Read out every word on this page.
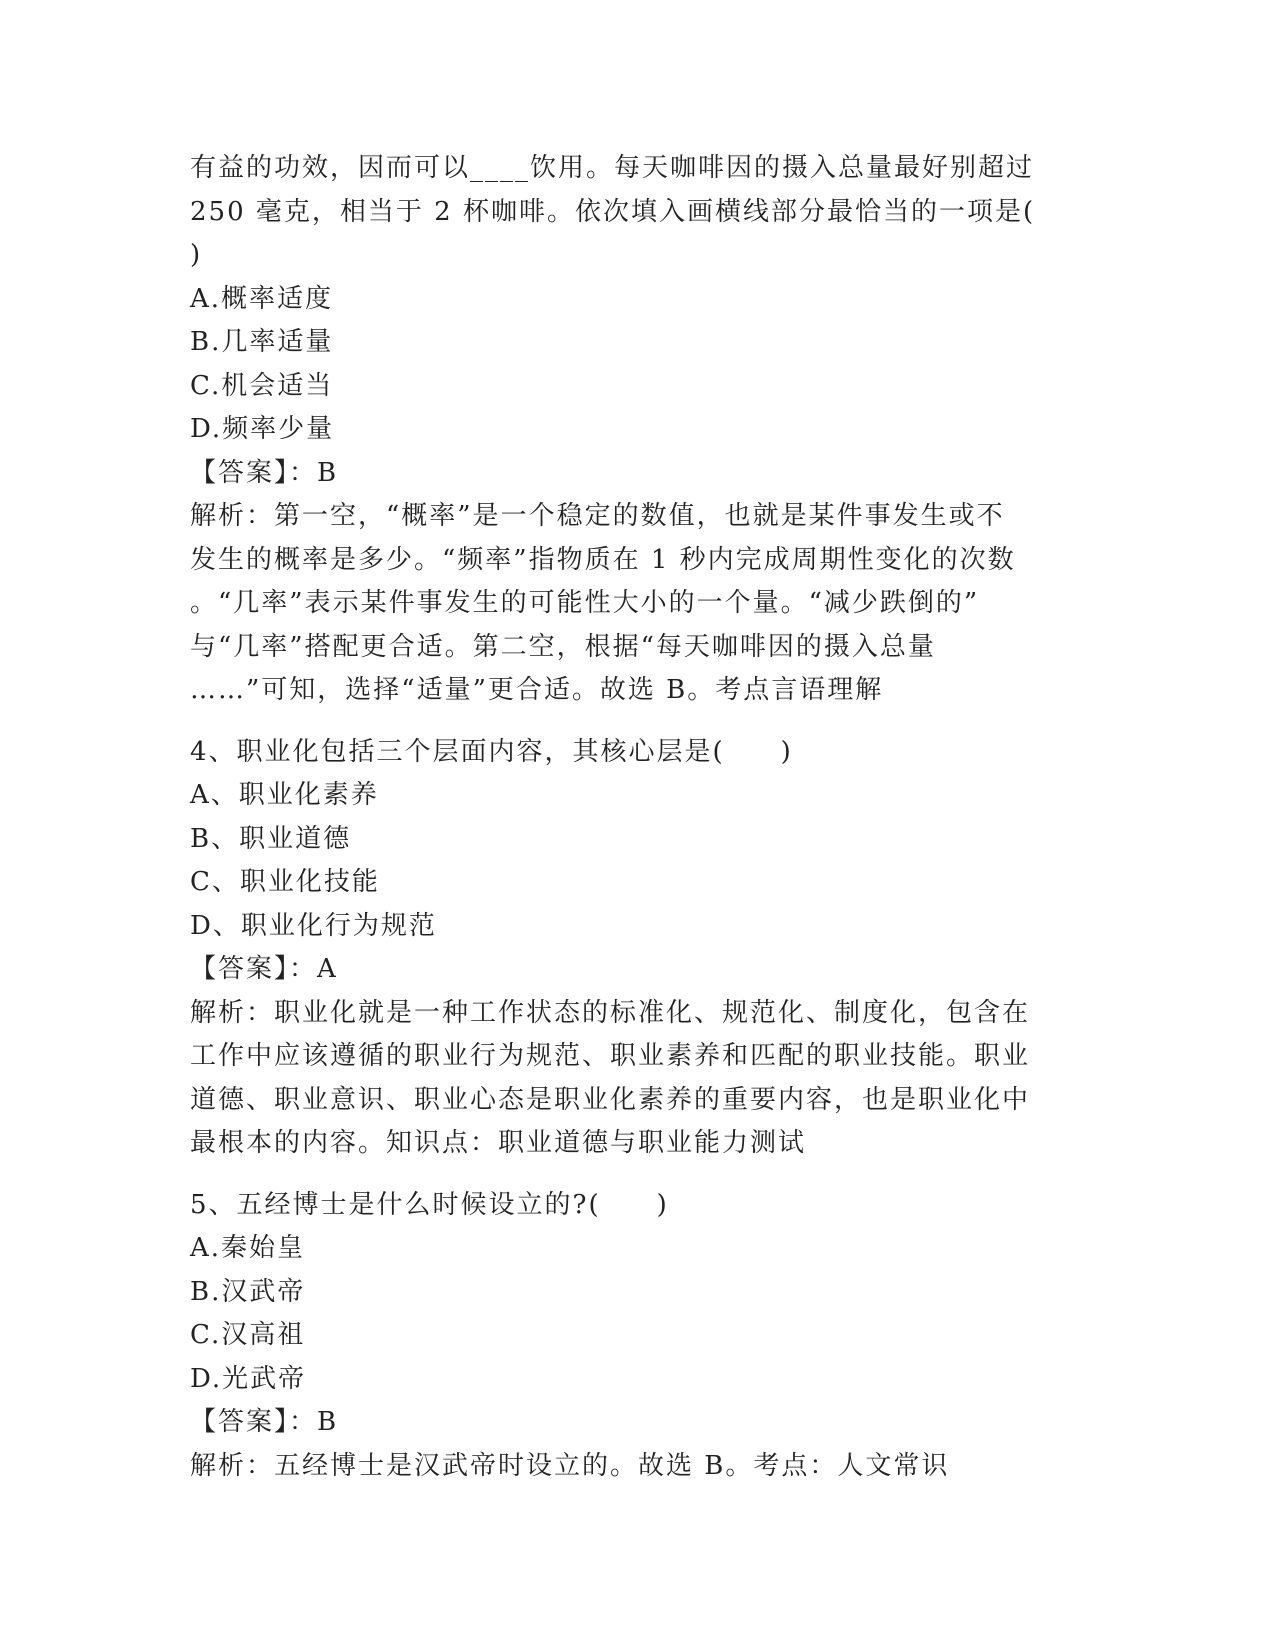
有益的功效，因而可以____饮用。每天咖啡因的摄入总量最好别超过
250 毫克，相当于 2 杯咖啡。依次填入画横线部分最恰当的一项是(
)
A.概率适度
B.几率适量
C.机会适当
D.频率少量
【答案】：B
解析：第一空，“概率”是一个稳定的数值，也就是某件事发生或不
发生的概率是多少。“频率”指物质在 1 秒内完成周期性变化的次数
。“几率”表示某件事发生的可能性大小的一个量。“减少跌倒的”
与“几率”搭配更合适。第二空，根据“每天咖啡因的摄入总量
……”可知，选择“适量”更合适。故选 B。考点言语理解
4、职业化包括三个层面内容，其核心层是(　　)
A、职业化素养
B、职业道德
C、职业化技能
D、职业化行为规范
【答案】：A
解析：职业化就是一种工作状态的标准化、规范化、制度化，包含在
工作中应该遵循的职业行为规范、职业素养和匹配的职业技能。职业
道德、职业意识、职业心态是职业化素养的重要内容，也是职业化中
最根本的内容。知识点：职业道德与职业能力测试
5、五经博士是什么时候设立的?(　　)
A.秦始皇
B.汉武帝
C.汉高祖
D.光武帝
【答案】：B
解析：五经博士是汉武帝时设立的。故选 B。考点：人文常识
